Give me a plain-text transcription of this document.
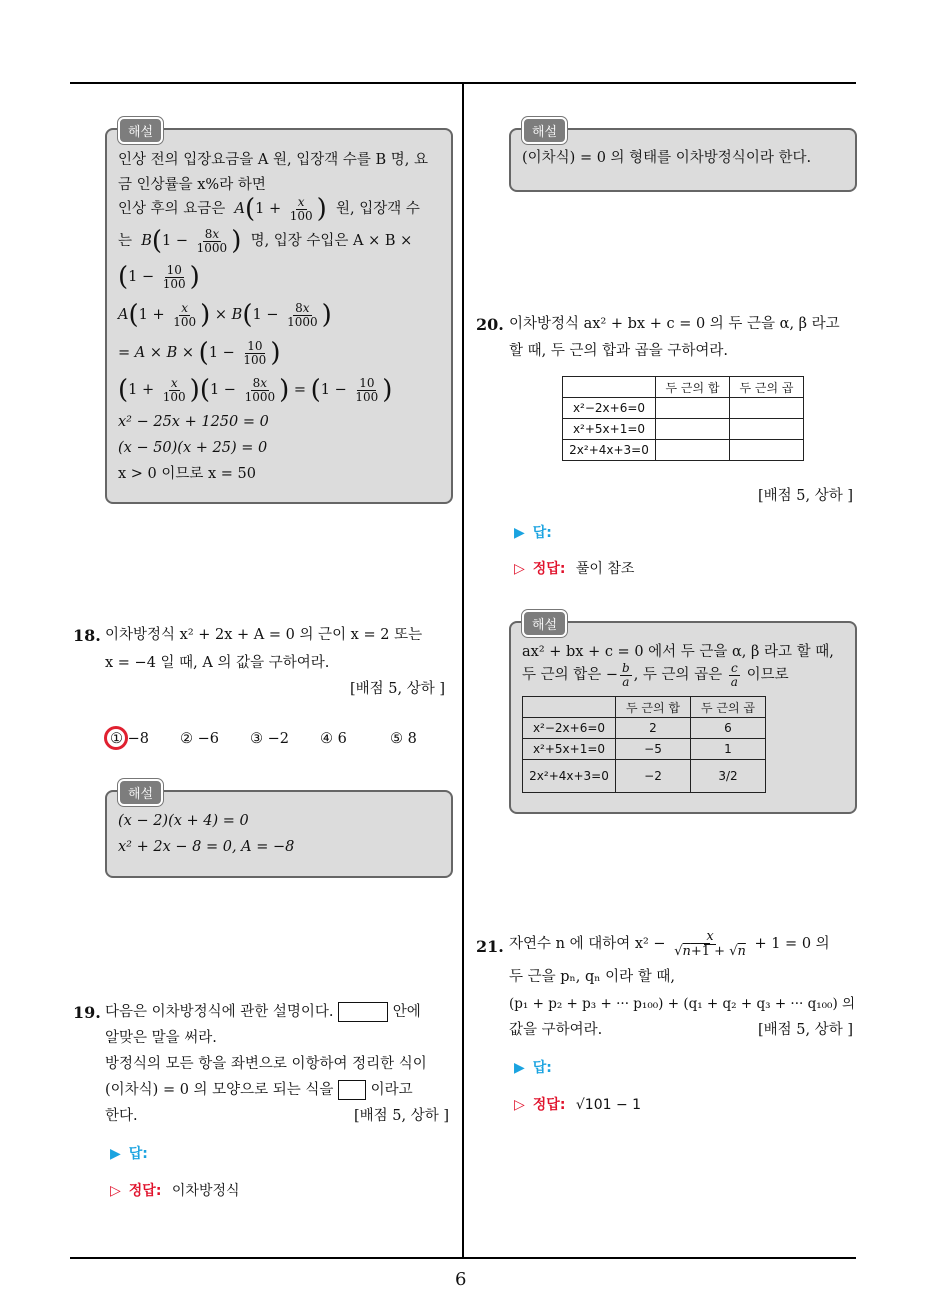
6
해설
인상 전의 입장요금을 A 원, 입장객 수를 B 명, 요
금 인상률을 x%라 하면
인상 후의 요금은 $A(1 + \frac{x}{100}$ ) 원, 입장객 수
는 $B(1 - \frac{8x}{1000}$ ) 명, 입장 수입은 A × B ×
($1 - \frac{10}{100}$ )
$A(1 + \frac{x}{100}$ ) × $B(1 - \frac{8x}{1000}$ )
= $A \times B \times (1 - \frac{10}{100}$ )
$(1 + \frac{x}{100} )(1 - \frac{8x}{1000}$ ) = ($1 - \frac{10}{100}$ )
x² − 25x + 1250 = 0
(x − 50)(x + 25) = 0
x > 0 이므로 x = 50
18. 이차방정식 x² + 2x + A = 0 의 근이 x = 2 또는
x = −4 일 때, A 의 값을 구하여라.
[배점 5, 상하 ]
① −8 ② −6 ③ −2 ④ 6	⑤ 8
해설
(x − 2)(x + 4) = 0
x² + 2x − 8 = 0, A = −8
19. 다음은 이차방정식에 관한 설명이다.	안에
알맞은 말을 써라.
방정식의 모든 항을 좌변으로 이항하여 정리한 식이
(이차식) = 0 의 모양으로 되는 식을	이라고
한다.	[배점 5, 상하 ]
▶ 답:
▷ 정답: 이차방정식
해설
(이차식) = 0 의 형태를 이차방정식이라 한다.
20. 이차방정식 ax² + bx + c = 0 의 두 근을 α, β 라고
할 때, 두 근의 합과 곱을 구하여라.
	두 근의 합	두 근의 곱
x²−2x+6=0		
x²+5x+1=0		
2x²+4x+3=0		
[배점 5, 상하 ]
▶ 답:
▷ 정답: 풀이 참조
해설
ax² + bx + c = 0 에서 두 근을 α, β 라고 할 때,
두 근의 합은 − $\frac{b}{a}$ , 두 근의 곱은 $\frac{c}{a}$ 이므로
	두 근의 합	두 근의 곱
x²−2x+6=0	2	6
x²+5x+1=0	−5	1
2x²+4x+3=0	−2	3/2
21. 자연수 n 에 대하여 $x^2 - \frac{x}{√n+1 + √n} + 1 = 0$ 의
두 근을 pₙ, qₙ 이라 할 때,
(p₁ + p₂ + p₃ + ··· p₁₀₀) + (q₁ + q₂ + q₃ + ··· q₁₀₀) 의
값을 구하여라.	[배점 5, 상하 ]
▶ 답:
▷ 정답: √101 − 1
